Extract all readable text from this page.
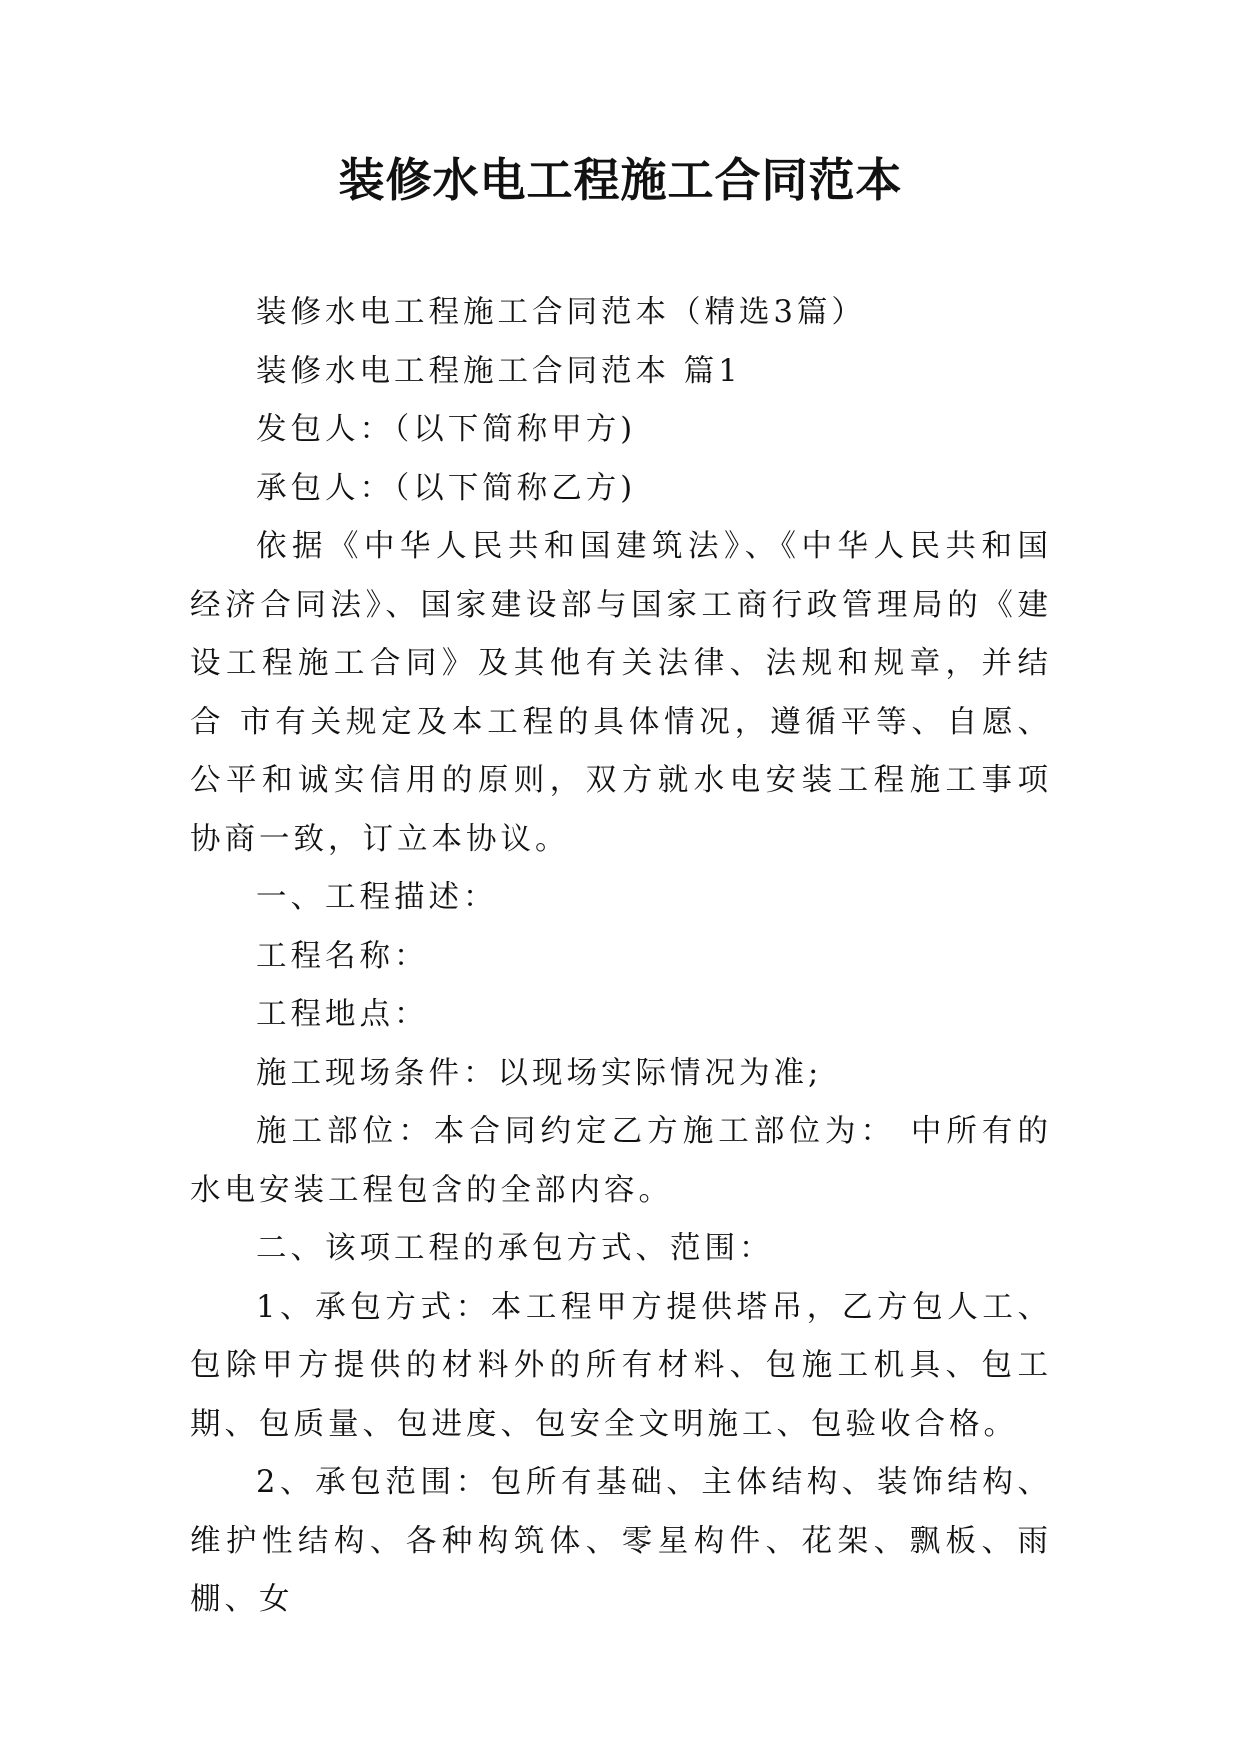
装修水电工程施工合同范本

装修水电工程施工合同范本（精选3篇）

装修水电工程施工合同范本 篇1

发包人：（以下简称甲方)

承包人：（以下简称乙方)

依据《中华人民共和国建筑法》、《中华人民共和国经济合同法》、国家建设部与国家工商行政管理局的《建设工程施工合同》及其他有关法律、法规和规章，并结合 市有关规定及本工程的具体情况，遵循平等、自愿、公平和诚实信用的原则，双方就水电安装工程施工事项协商一致，订立本协议。

一、工程描述：

工程名称：

工程地点：

施工现场条件：以现场实际情况为准;

施工部位：本合同约定乙方施工部位为： 中所有的水电安装工程包含的全部内容。

二、该项工程的承包方式、范围：

1、承包方式：本工程甲方提供塔吊，乙方包人工、包除甲方提供的材料外的所有材料、包施工机具、包工期、包质量、包进度、包安全文明施工、包验收合格。

2、承包范围：包所有基础、主体结构、装饰结构、维护性结构、各种构筑体、零星构件、花架、飘板、雨棚、女
